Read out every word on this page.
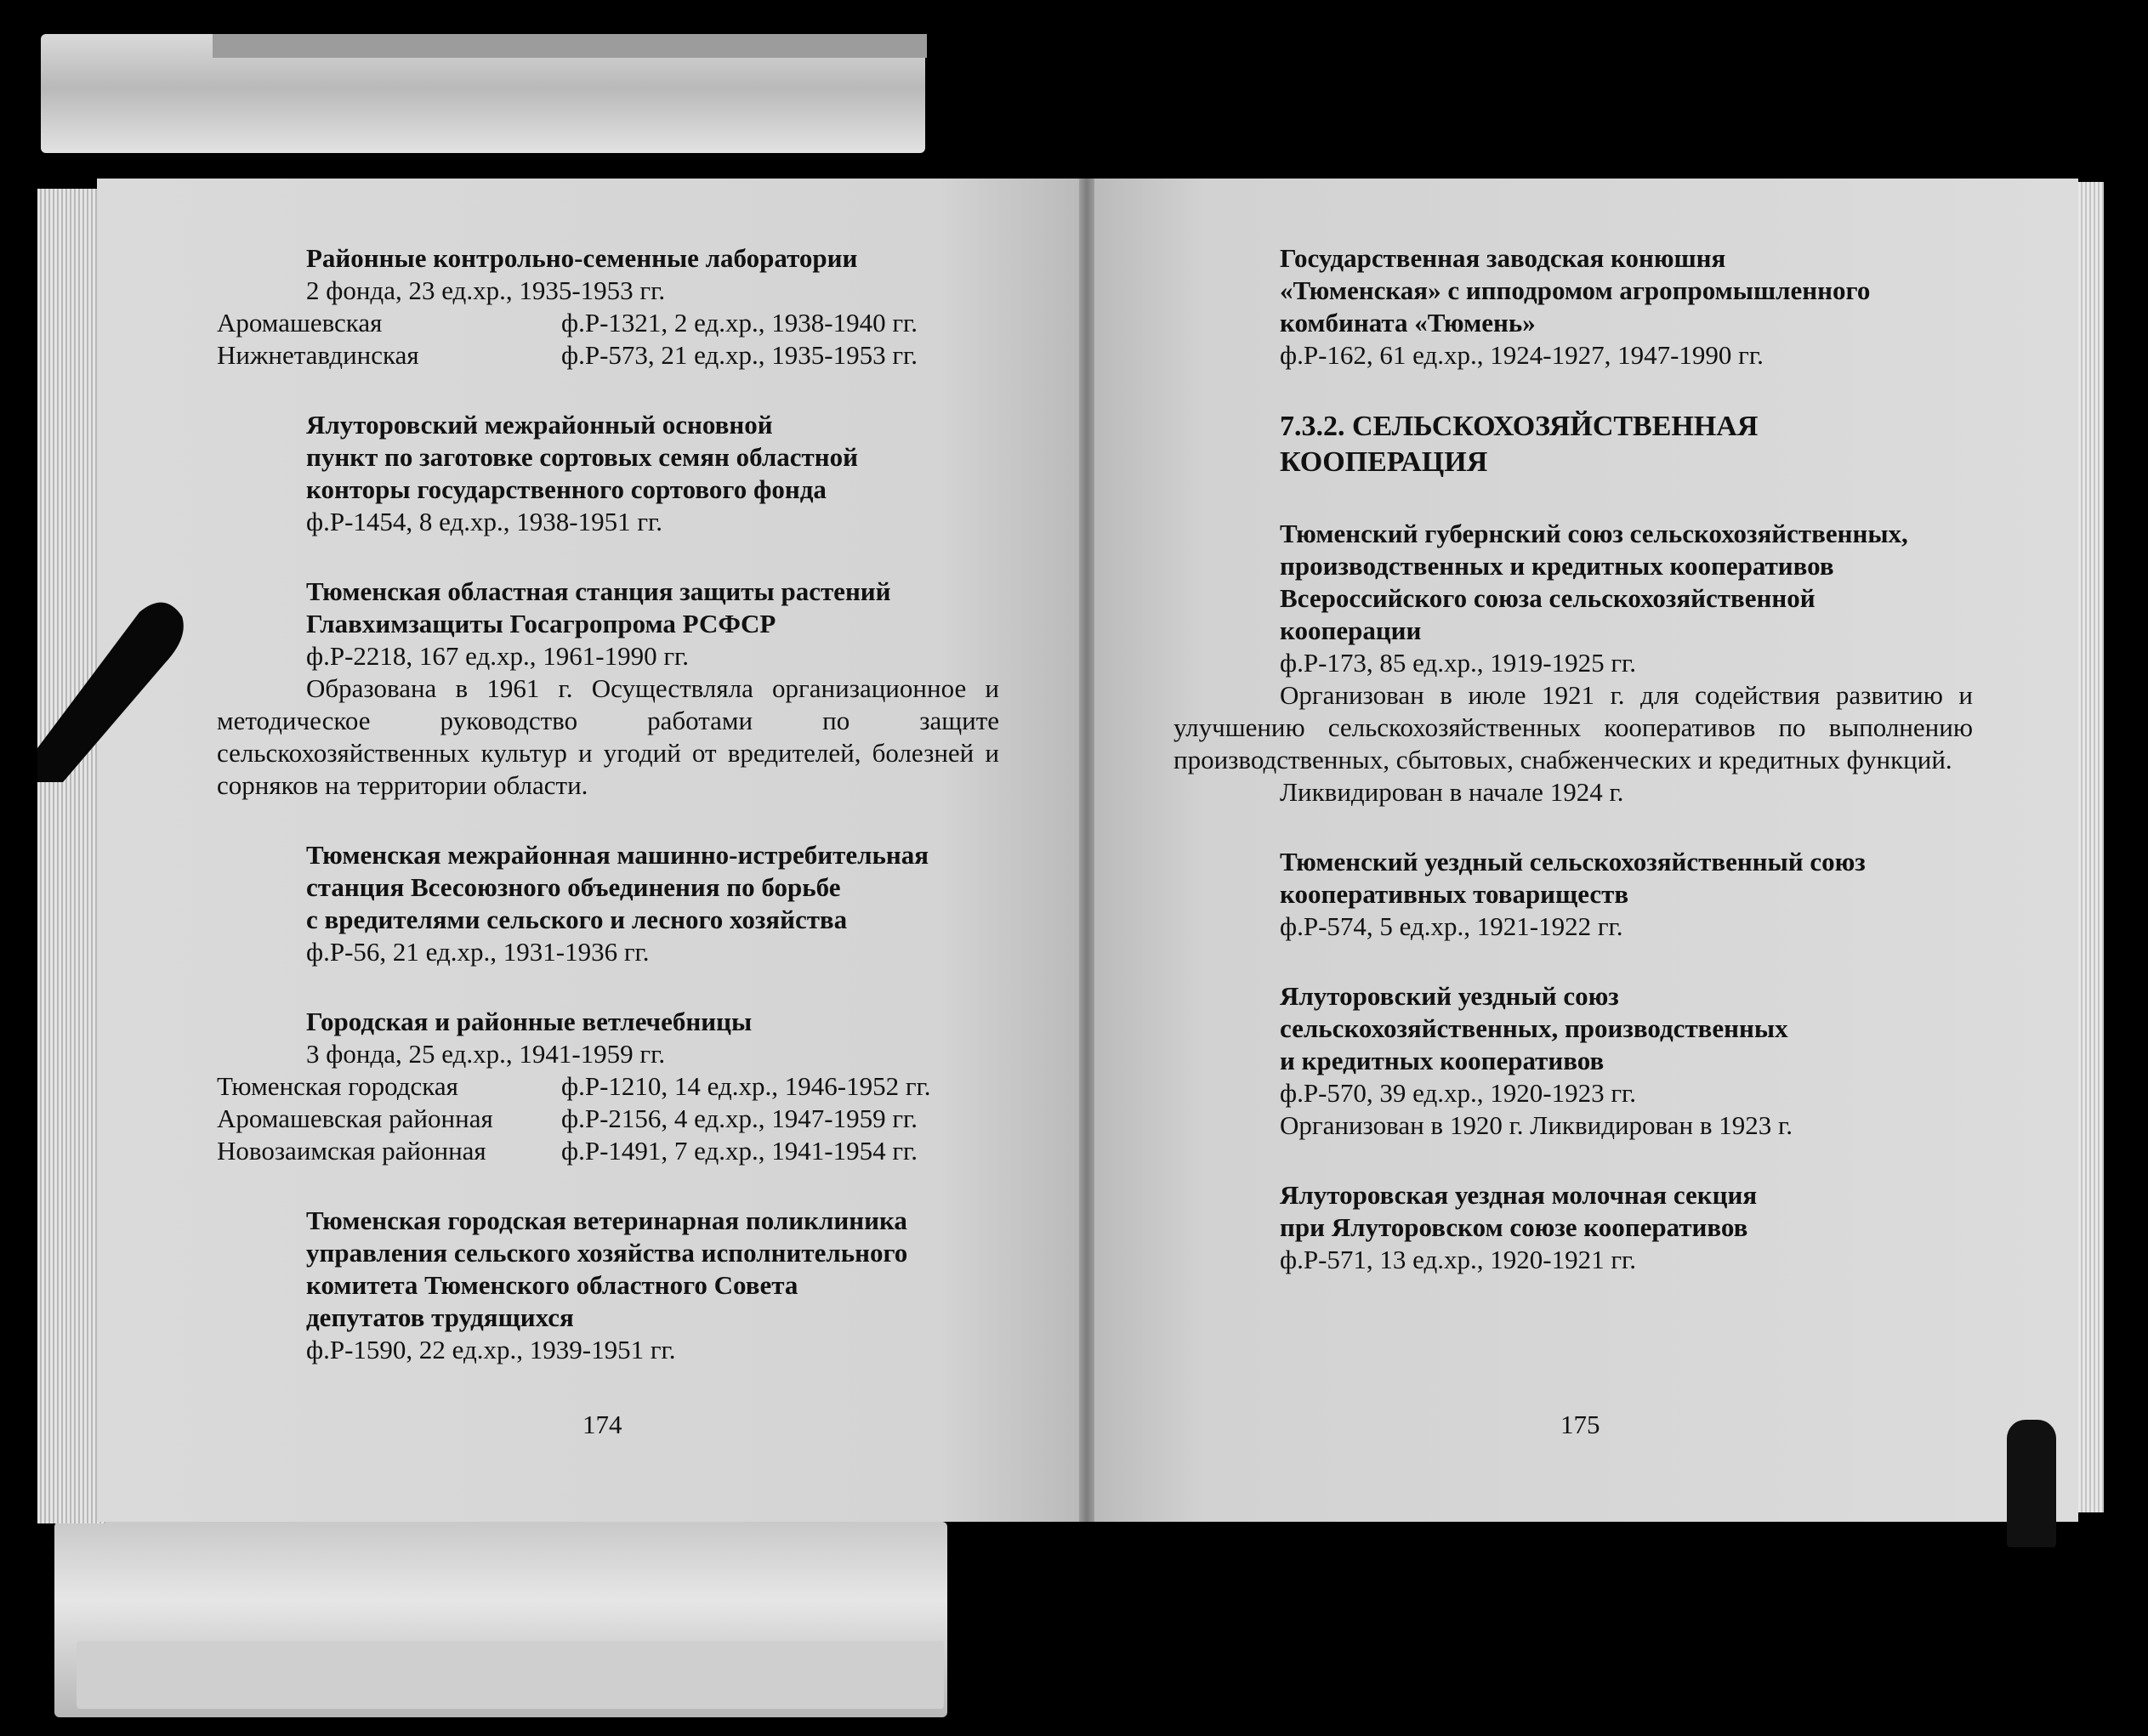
Районные контрольно-семенные лаборатории
2 фонда, 23 ед.хр., 1935-1953 гг.
Аромашевская	ф.Р-1321, 2 ед.хр., 1938-1940 гг.
Нижнетавдинская	ф.Р-573, 21 ед.хр., 1935-1953 гг.
Ялуторовский межрайонный основной
пункт по заготовке сортовых семян областной
конторы государственного сортового фонда
ф.Р-1454, 8 ед.хр., 1938-1951 гг.
Тюменская областная станция защиты растений
Главхимзащиты Госагропрома РСФСР
ф.Р-2218, 167 ед.хр., 1961-1990 гг.
Образована в 1961 г. Осуществляла организационное и методическое руководство работами по защите сельскохозяйственных культур и угодий от вредителей, болезней и сорняков на территории области.
Тюменская межрайонная машинно-истребительная
станция Всесоюзного объединения по борьбе
с вредителями сельского и лесного хозяйства
ф.Р-56, 21 ед.хр., 1931-1936 гг.
Городская и районные ветлечебницы
3 фонда, 25 ед.хр., 1941-1959 гг.
Тюменская городская	ф.Р-1210, 14 ед.хр., 1946-1952 гг.
Аромашевская районная	ф.Р-2156, 4 ед.хр., 1947-1959 гг.
Новозаимская районная	ф.Р-1491, 7 ед.хр., 1941-1954 гг.
Тюменская городская ветеринарная поликлиника
управления сельского хозяйства исполнительного
комитета Тюменского областного Совета
депутатов трудящихся
ф.Р-1590, 22 ед.хр., 1939-1951 гг.
174
Государственная заводская конюшня
«Тюменская» с ипподромом агропромышленного
комбината «Тюмень»
ф.Р-162, 61 ед.хр., 1924-1927, 1947-1990 гг.
7.3.2. СЕЛЬСКОХОЗЯЙСТВЕННАЯ
КООПЕРАЦИЯ
Тюменский губернский союз сельскохозяйственных,
производственных и кредитных кооперативов
Всероссийского союза сельскохозяйственной
кооперации
ф.Р-173, 85 ед.хр., 1919-1925 гг.
Организован в июле 1921 г. для содействия развитию и улучшению сельскохозяйственных кооперативов по выполнению производственных, сбытовых, снабженческих и кредитных функций.
Ликвидирован в начале 1924 г.
Тюменский уездный сельскохозяйственный союз
кооперативных товариществ
ф.Р-574, 5 ед.хр., 1921-1922 гг.
Ялуторовский уездный союз
сельскохозяйственных, производственных
и кредитных кооперативов
ф.Р-570, 39 ед.хр., 1920-1923 гг.
Организован в 1920 г. Ликвидирован в 1923 г.
Ялуторовская уездная молочная секция
при Ялуторовском союзе кооперативов
ф.Р-571, 13 ед.хр., 1920-1921 гг.
175
